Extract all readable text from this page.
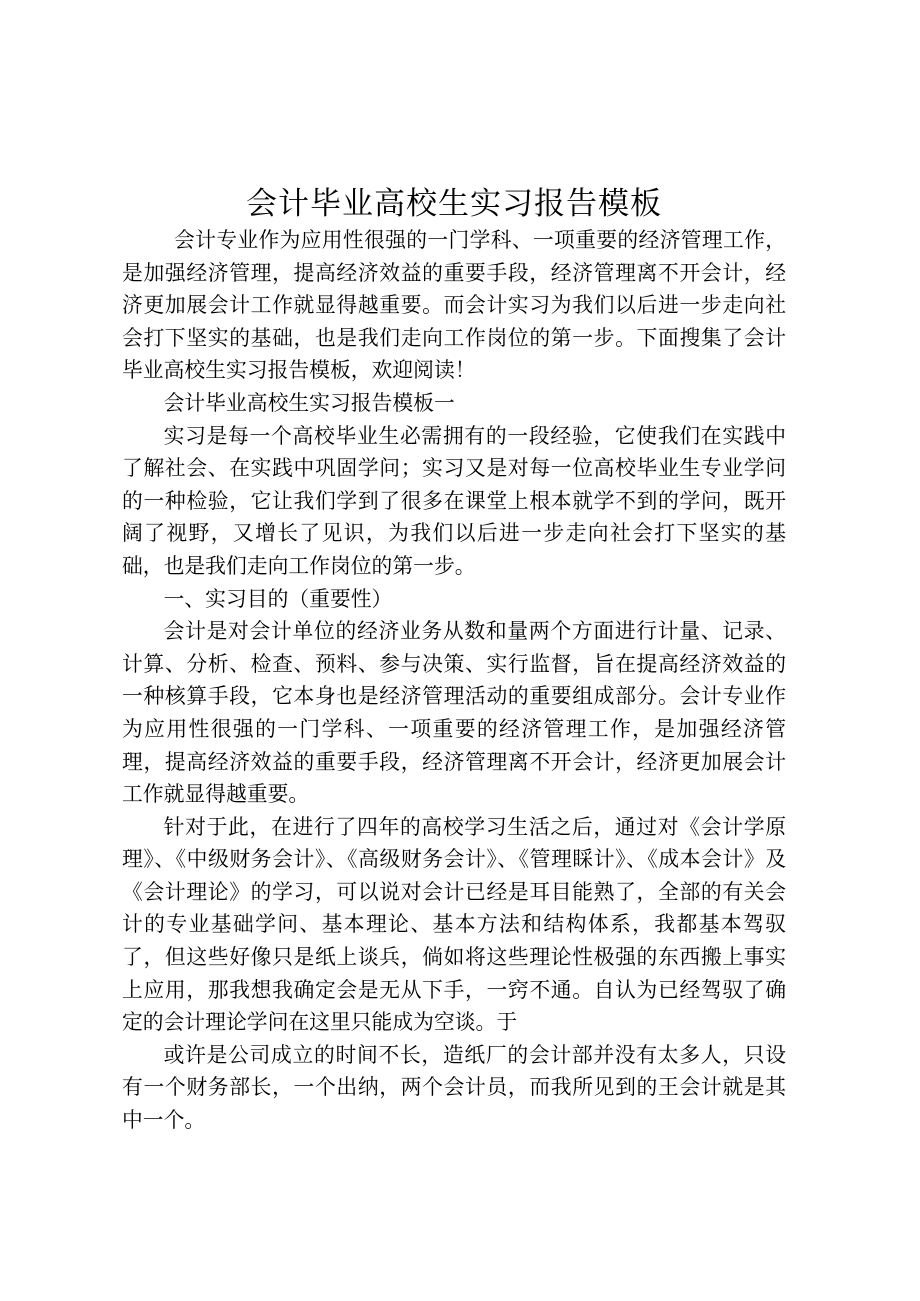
会计毕业高校生实习报告模板

会计专业作为应用性很强的一门学科、一项重要的经济管理工作，是加强经济管理，提高经济效益的重要手段，经济管理离不开会计，经济更加展会计工作就显得越重要。而会计实习为我们以后进一步走向社会打下坚实的基础，也是我们走向工作岗位的第一步。下面搜集了会计毕业高校生实习报告模板，欢迎阅读！

会计毕业高校生实习报告模板一

实习是每一个高校毕业生必需拥有的一段经验，它使我们在实践中了解社会、在实践中巩固学问；实习又是对每一位高校毕业生专业学问的一种检验，它让我们学到了很多在课堂上根本就学不到的学问，既开阔了视野，又增长了见识，为我们以后进一步走向社会打下坚实的基础，也是我们走向工作岗位的第一步。

一、实习目的（重要性）

会计是对会计单位的经济业务从数和量两个方面进行计量、记录、计算、分析、检查、预料、参与决策、实行监督，旨在提高经济效益的一种核算手段，它本身也是经济管理活动的重要组成部分。会计专业作为应用性很强的一门学科、一项重要的经济管理工作，是加强经济管理，提高经济效益的重要手段，经济管理离不开会计，经济更加展会计工作就显得越重要。

针对于此，在进行了四年的高校学习生活之后，通过对《会计学原理》、《中级财务会计》、《高级财务会计》、《管理睬计》、《成本会计》及《会计理论》的学习，可以说对会计已经是耳目能熟了，全部的有关会计的专业基础学问、基本理论、基本方法和结构体系，我都基本驾驭了，但这些好像只是纸上谈兵，倘如将这些理论性极强的东西搬上事实上应用，那我想我确定会是无从下手，一窍不通。自认为已经驾驭了确定的会计理论学问在这里只能成为空谈。于

或许是公司成立的时间不长，造纸厂的会计部并没有太多人，只设有一个财务部长，一个出纳，两个会计员，而我所见到的王会计就是其中一个。
